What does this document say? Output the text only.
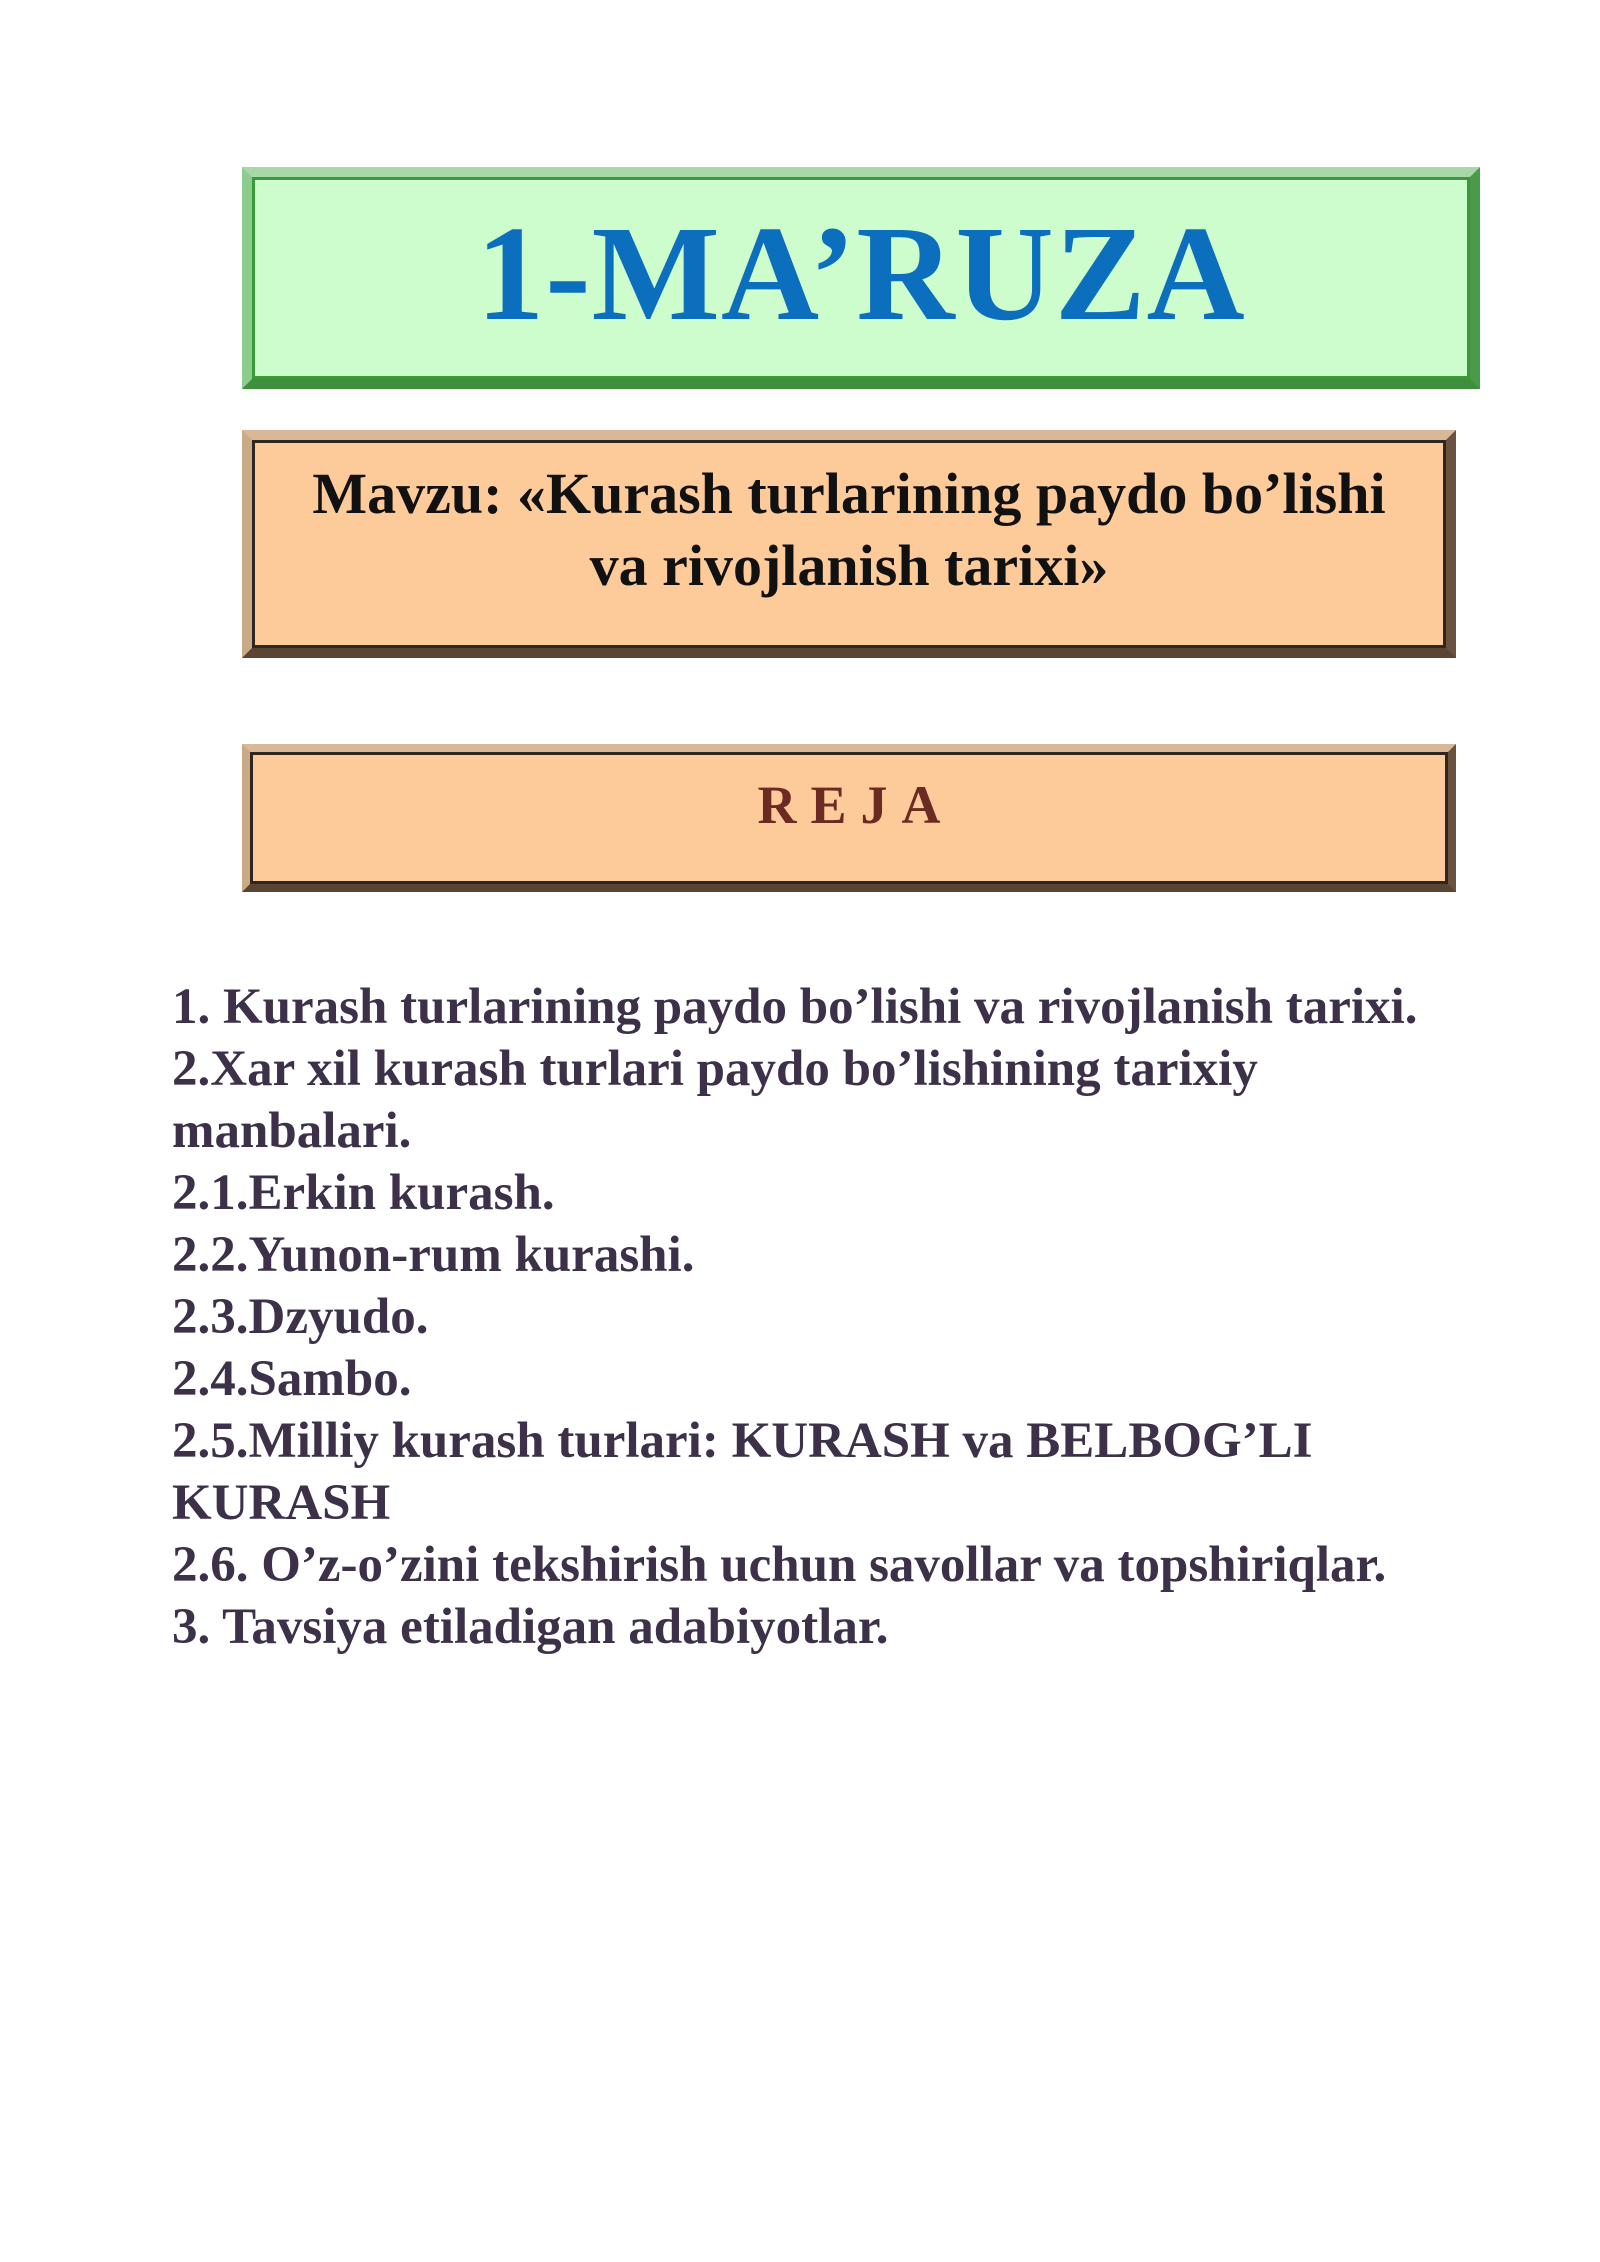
1-MA’RUZA
Mavzu: «Kurash turlarining paydo bo’lishi
va rivojlanish tarixi»
REJA
1. Kurash turlarining paydo bo’lishi va rivojlanish tarixi.
2.Xar xil kurash turlari paydo bo’lishining tarixiy
manbalari.
2.1.Erkin kurash.
2.2.Yunon-rum kurashi.
2.3.Dzyudo.
2.4.Sambo.
2.5.Milliy kurash turlari: KURASH va BELBOG’LI
KURASH
2.6. O’z-o’zini tekshirish uchun savollar va topshiriqlar.
3. Tavsiya etiladigan adabiyotlar.
